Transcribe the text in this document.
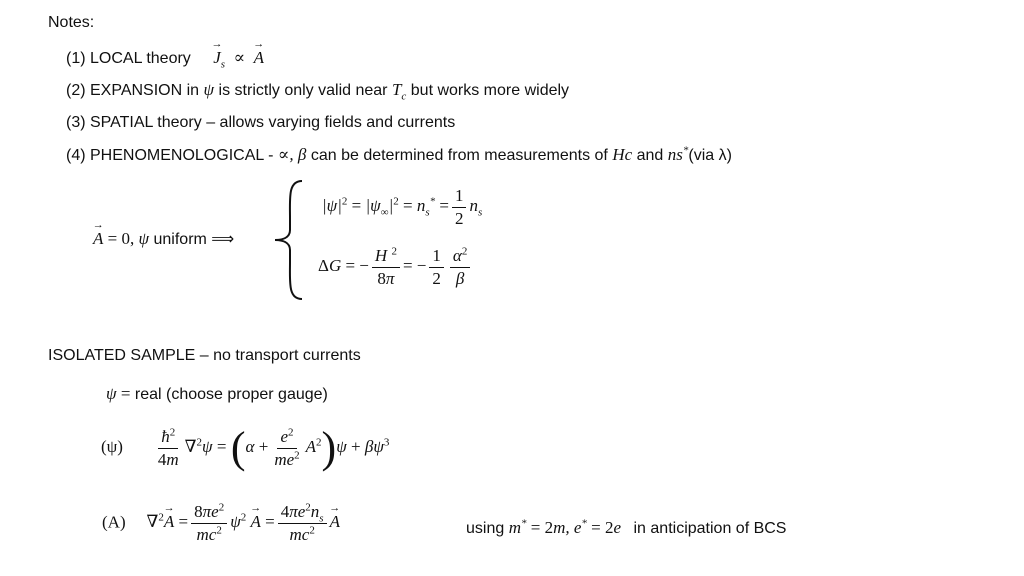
Notes:
(1) LOCAL theory → $J_s$ ∝  → A
(2) EXPANSION in ψ is strictly only valid near $T_c$ but works more widely
(3) SPATIAL theory – allows varying fields and currents
(4) PHENOMENOLOGICAL - ∝, β can be determined from measurements of Hc and ns*(via λ)
→ A = 0, ψ uniform ⟹
$|\psi|^2 = |\psi_\infty|^2 = n_s^* = \frac{1}{2} n_s$
ΔG = − $\frac{H ^2}{8\pi}$ = − $\frac{1}{2} \frac{\alpha^2}{\beta}$
ISOLATED SAMPLE – no transport currents
ψ = real (choose proper gauge)
$(\psi) \frac{ħ^2}{4m} \nabla^2\psi = (\alpha + \frac{e^2}{me^2} A^2)\psi + \beta\psi^3$
(A) $\nabla^2\to A = \frac{8\pi e^2}{mc^2} \psi^2 \to A = \frac{4\pi e^2n_s}{mc^2}$
→ A	using m* = 2m, e* = 2e in anticipation of BCS
